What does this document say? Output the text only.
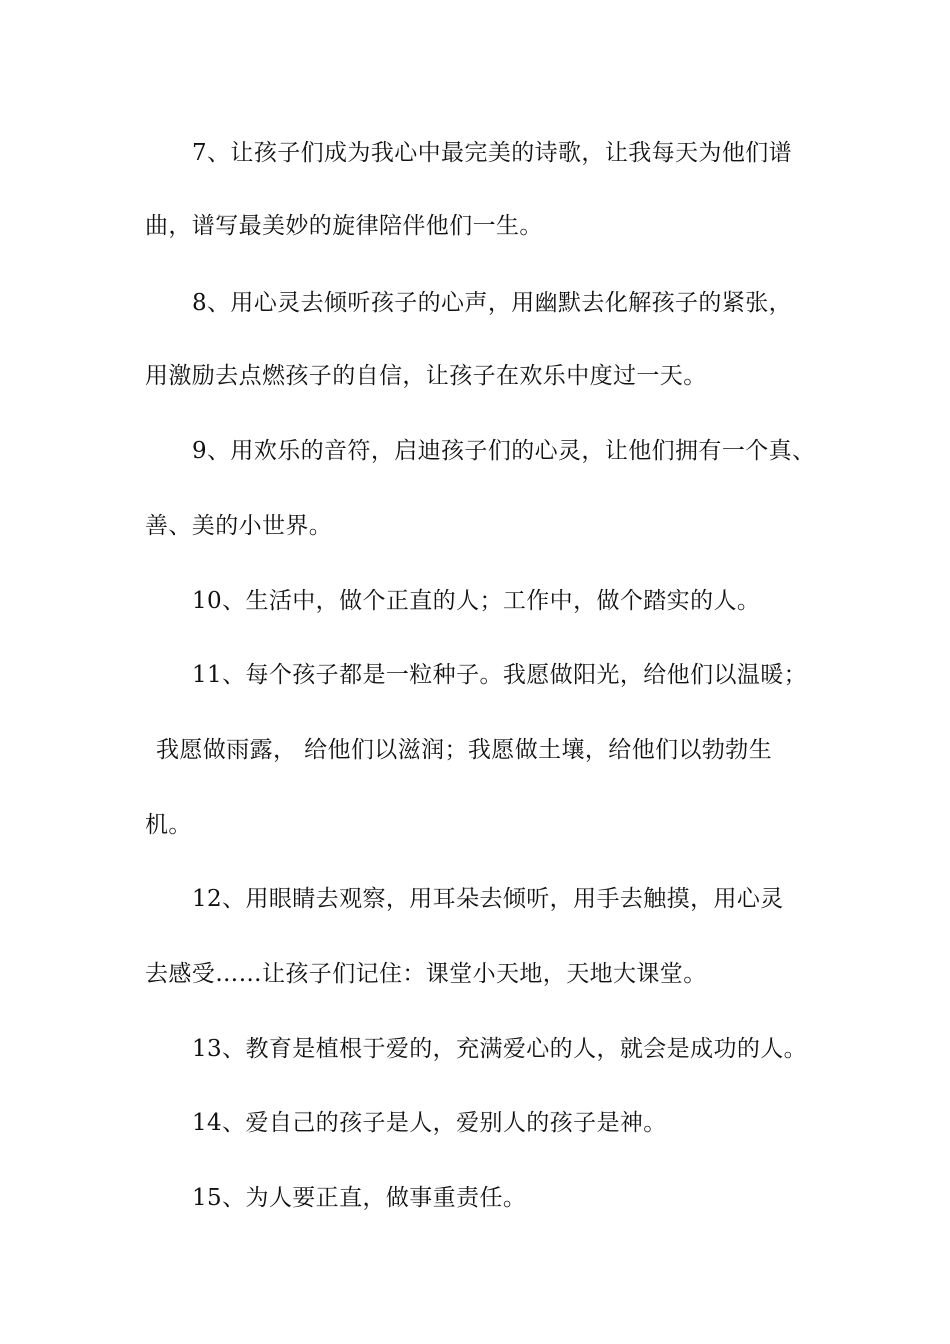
7、让孩子们成为我心中最完美的诗歌，让我每天为他们谱
曲，谱写最美妙的旋律陪伴他们一生。
8、用心灵去倾听孩子的心声，用幽默去化解孩子的紧张，
用激励去点燃孩子的自信，让孩子在欢乐中度过一天。
9、用欢乐的音符，启迪孩子们的心灵，让他们拥有一个真、
善、美的小世界。
10、生活中，做个正直的人；工作中，做个踏实的人。
11、每个孩子都是一粒种子。我愿做阳光，给他们以温暖；
我愿做雨露， 给他们以滋润；我愿做土壤，给他们以勃勃生
机。
12、用眼睛去观察，用耳朵去倾听，用手去触摸，用心灵
去感受……让孩子们记住：课堂小天地，天地大课堂。
13、教育是植根于爱的，充满爱心的人，就会是成功的人。
14、爱自己的孩子是人，爱别人的孩子是神。
15、为人要正直，做事重责任。
